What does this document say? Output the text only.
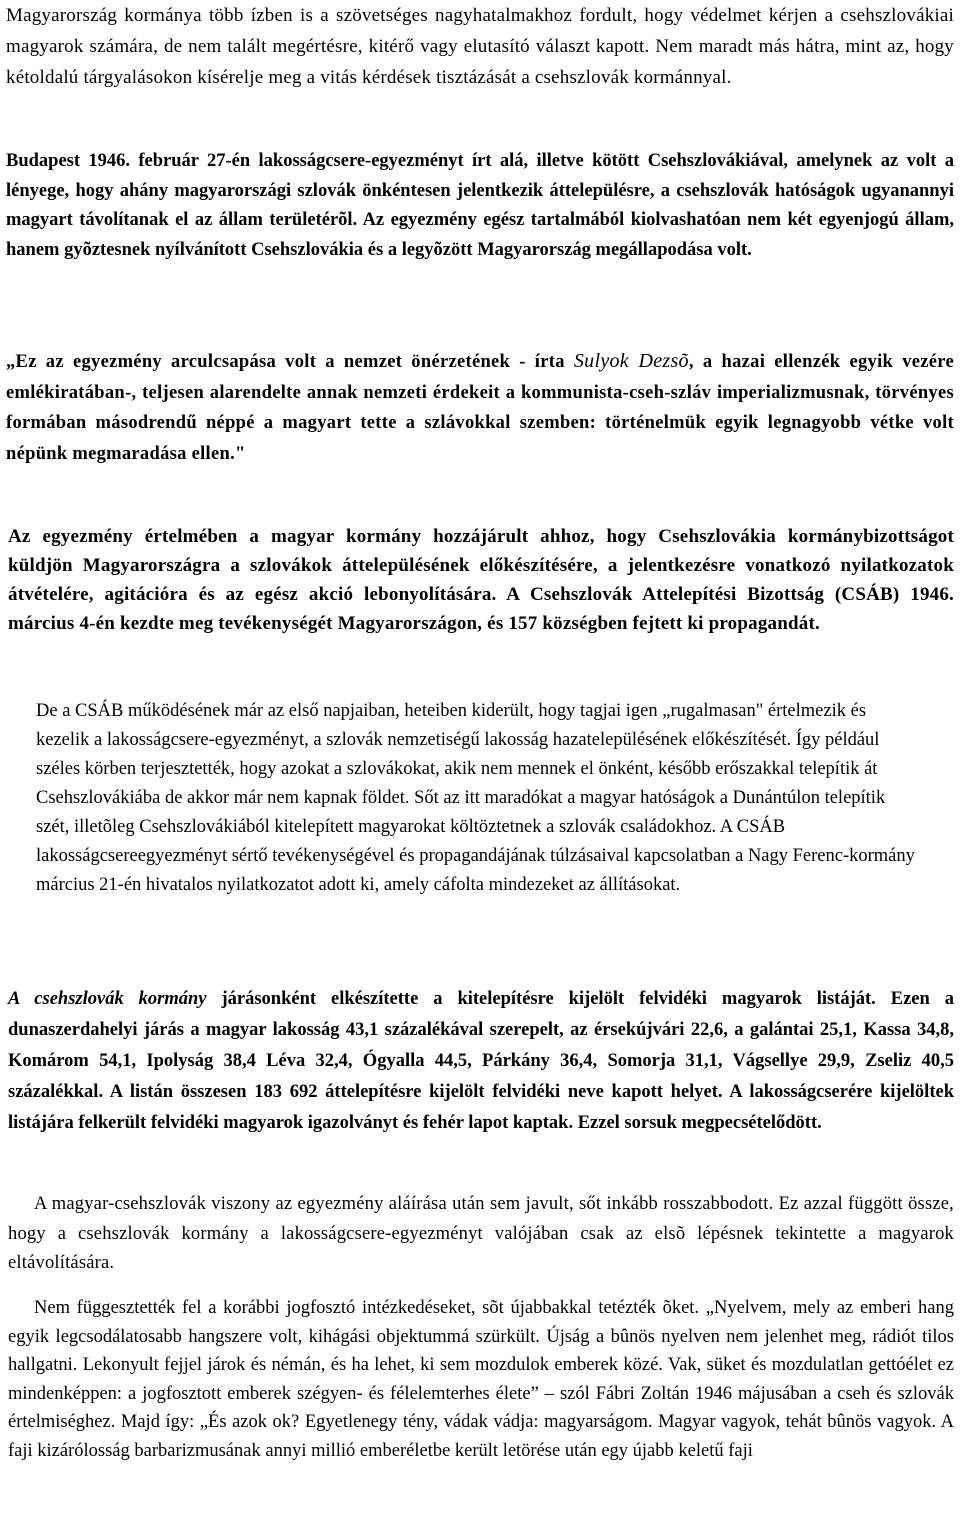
Magyarország kormánya több ízben is a szövetséges nagyhatalmakhoz fordult, hogy védelmet kérjen a csehszlovákiai magyarok számára, de nem talált megértésre, kitérő vagy elutasító választ kapott. Nem maradt más hátra, mint az, hogy kétoldalú tárgyalásokon kísérelje meg a vitás kérdések tisztázását a csehszlovák kormánnyal.

Budapest 1946. február 27-én lakosságcsere-egyezményt írt alá, illetve kötött Csehszlovákiával, amelynek az volt a lényege, hogy ahány magyarországi szlovák önkéntesen jelentkezik áttelepülésre, a csehszlovák hatóságok ugyanannyi magyart távolítanak el az állam területérõl. Az egyezmény egész tartalmából kiolvashatóan nem két egyenjogú állam, hanem gyõztesnek nyílvánított Csehszlovákia és a legyõzött Magyarország megállapodása volt.

„Ez az egyezmény arculcsapása volt a nemzet önérzetének - írta Sulyok Dezsõ, a hazai ellenzék egyik vezére emlékiratában-, teljesen alarendelte annak nemzeti érdekeit a kommunista-cseh-szláv imperializmusnak, törvényes formában másodrendű néppé a magyart tette a szlávokkal szemben: történelmük egyik legnagyobb vétke volt népünk megmaradása ellen."

Az egyezmény értelmében a magyar kormány hozzájárult ahhoz, hogy Csehszlovákia kormánybizottságot küldjön Magyarországra a szlovákok áttelepülésének előkészítésére, a jelentkezésre vonatkozó nyilatkozatok átvételére, agitációra és az egész akció lebonyolítására. A Csehszlovák Attelepítési Bizottság (CSÁB) 1946. március 4-én kezdte meg tevékenységét Magyarországon, és 157 községben fejtett ki propagandát.

De a CSÁB működésének már az első napjaiban, heteiben kiderült, hogy tagjai igen „rugalmasan" értelmezik és kezelik a lakosságcsere-egyezményt, a szlovák nemzetiségű lakosság hazatelepülésének előkészítését. Így például széles körben terjesztették, hogy azokat a szlovákokat, akik nem mennek el önként, később erőszakkal telepítik át Csehszlovákiába de akkor már nem kapnak földet. Sőt az itt maradókat a magyar hatóságok a Dunántúlon telepítik szét, illetõleg Csehszlovákiából kitelepített magyarokat költöztetnek a szlovák családokhoz. A CSÁB lakosságcsereegyezményt sértő tevékenységével és propagandájának túlzásaival kapcsolatban a Nagy Ferenc-kormány március 21-én hivatalos nyilatkozatot adott ki, amely cáfolta mindezeket az állításokat.

A csehszlovák kormány járásonként elkészítette a kitelepítésre kijelölt felvidéki magyarok listáját. Ezen a dunaszerdahelyi járás a magyar lakosság 43,1 százalékával szerepelt, az érsekújvári 22,6, a galántai 25,1, Kassa 34,8, Komárom 54,1, Ipolyság 38,4 Léva 32,4, Ógyalla 44,5, Párkány 36,4, Somorja 31,1, Vágsellye 29,9, Zseliz 40,5 százalékkal. A listán összesen 183 692 áttelepítésre kijelölt felvidéki neve kapott helyet. A lakosságcserére kijelöltek listájára felkerült felvidéki magyarok igazolványt és fehér lapot kaptak. Ezzel sorsuk megpecsételődött.

A magyar-csehszlovák viszony az egyezmény aláírása után sem javult, sőt inkább rosszabbodott. Ez azzal függött össze, hogy a csehszlovák kormány a lakosságcsere-egyezményt valójában csak az elsõ lépésnek tekintette a magyarok eltávolítására.

Nem függesztették fel a korábbi jogfosztó intézkedéseket, sõt újabbakkal tetézték õket. „Nyelvem, mely az emberi hang egyik legcsodálatosabb hangszere volt, kihágási objektummá szürkült. Újság a bûnös nyelven nem jelenhet meg, rádiót tilos hallgatni. Lekonyult fejjel járok és némán, és ha lehet, ki sem mozdulok emberek közé. Vak, süket és mozdulatlan gettóélet ez mindenképpen: a jogfosztott emberek szégyen- és félelemterhes élete” – szól Fábri Zoltán 1946 májusában a cseh és szlovák értelmiséghez. Majd így: „És azok ok? Egyetlenegy tény, vádak vádja: magyarságom. Magyar vagyok, tehát bûnös vagyok. A faji kizárólosság barbarizmusának annyi millió emberéletbe került letörése után egy újabb keletű faji
